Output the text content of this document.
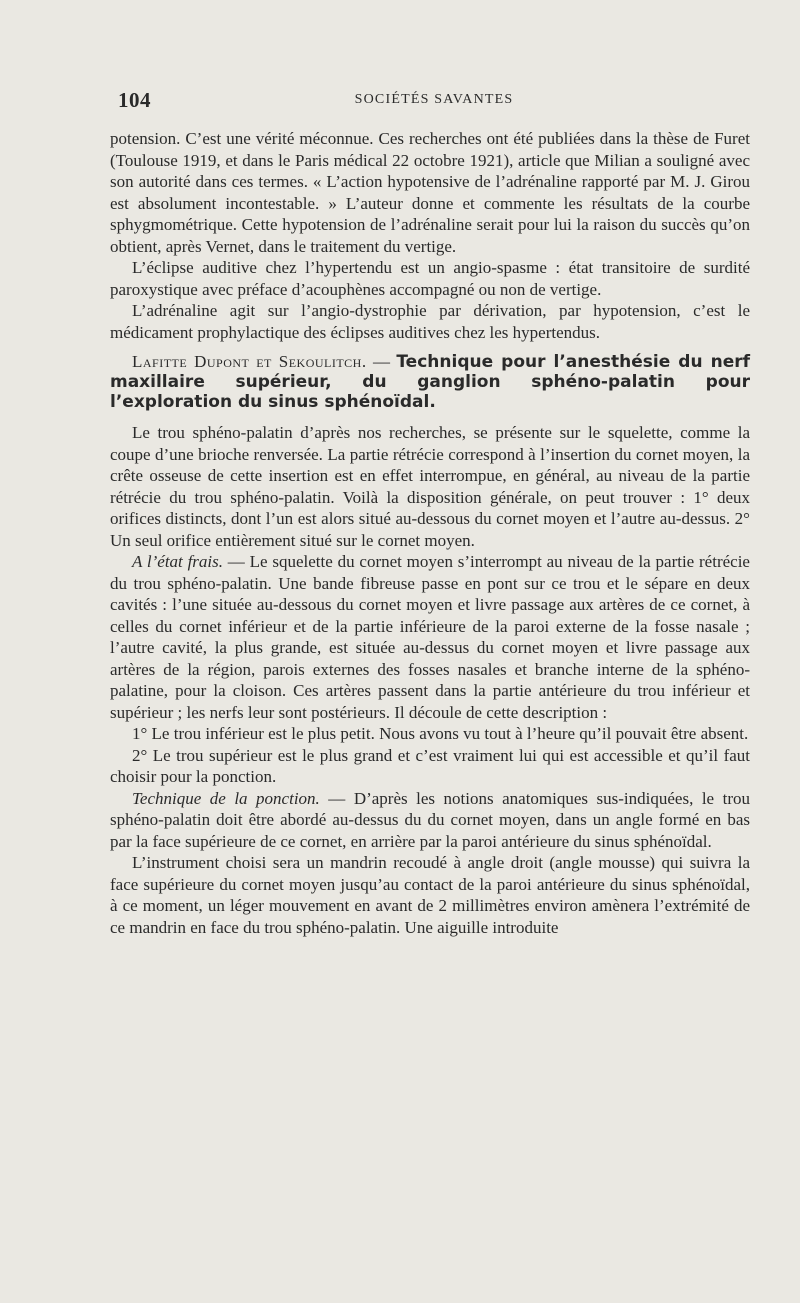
104	SOCIÉTÉS SAVANTES

potension. C’est une vérité méconnue. Ces recherches ont été publiées dans la thèse de Furet (Toulouse 1919, et dans le Paris médical 22 octobre 1921), article que Milian a souligné avec son autorité dans ces termes. « L’action hypotensive de l’adrénaline rapporté par M. J. Girou est absolument incontestable. » L’auteur donne et commente les résultats de la courbe sphygmométrique. Cette hypotension de l’adrénaline serait pour lui la raison du succès qu’on obtient, après Vernet, dans le traitement du vertige.

L’éclipse auditive chez l’hypertendu est un angio-spasme : état transitoire de surdité paroxystique avec préface d’acouphènes accompagné ou non de vertige.

L’adrénaline agit sur l’angio-dystrophie par dérivation, par hypotension, c’est le médicament prophylactique des éclipses auditives chez les hypertendus.

Lafitte Dupont et Sekoulitch. — Technique pour l’anesthésie du nerf maxillaire supérieur, du ganglion sphéno-palatin pour l’exploration du sinus sphénoïdal.

Le trou sphéno-palatin d’après nos recherches, se présente sur le squelette, comme la coupe d’une brioche renversée. La partie rétrécie correspond à l’insertion du cornet moyen, la crête osseuse de cette insertion est en effet interrompue, en général, au niveau de la partie rétrécie du trou sphéno-palatin. Voilà la disposition générale, on peut trouver : 1° deux orifices distincts, dont l’un est alors situé au-dessous du cornet moyen et l’autre au-dessus. 2° Un seul orifice entièrement situé sur le cornet moyen.

A l’état frais. — Le squelette du cornet moyen s’interrompt au niveau de la partie rétrécie du trou sphéno-palatin. Une bande fibreuse passe en pont sur ce trou et le sépare en deux cavités : l’une située au-dessous du cornet moyen et livre passage aux artères de ce cornet, à celles du cornet inférieur et de la partie inférieure de la paroi externe de la fosse nasale ; l’autre cavité, la plus grande, est située au-dessus du cornet moyen et livre passage aux artères de la région, parois externes des fosses nasales et branche interne de la sphéno-palatine, pour la cloison. Ces artères passent dans la partie antérieure du trou inférieur et supérieur ; les nerfs leur sont postérieurs. Il découle de cette description :

1° Le trou inférieur est le plus petit. Nous avons vu tout à l’heure qu’il pouvait être absent.

2° Le trou supérieur est le plus grand et c’est vraiment lui qui est accessible et qu’il faut choisir pour la ponction.

Technique de la ponction. — D’après les notions anatomiques sus-indiquées, le trou sphéno-palatin doit être abordé au-dessus du du cornet moyen, dans un angle formé en bas par la face supérieure de ce cornet, en arrière par la paroi antérieure du sinus sphénoïdal.

L’instrument choisi sera un mandrin recoudé à angle droit (angle mousse) qui suivra la face supérieure du cornet moyen jusqu’au contact de la paroi antérieure du sinus sphénoïdal, à ce moment, un léger mouvement en avant de 2 millimètres environ amènera l’extrémité de ce mandrin en face du trou sphéno-palatin. Une aiguille introduite
